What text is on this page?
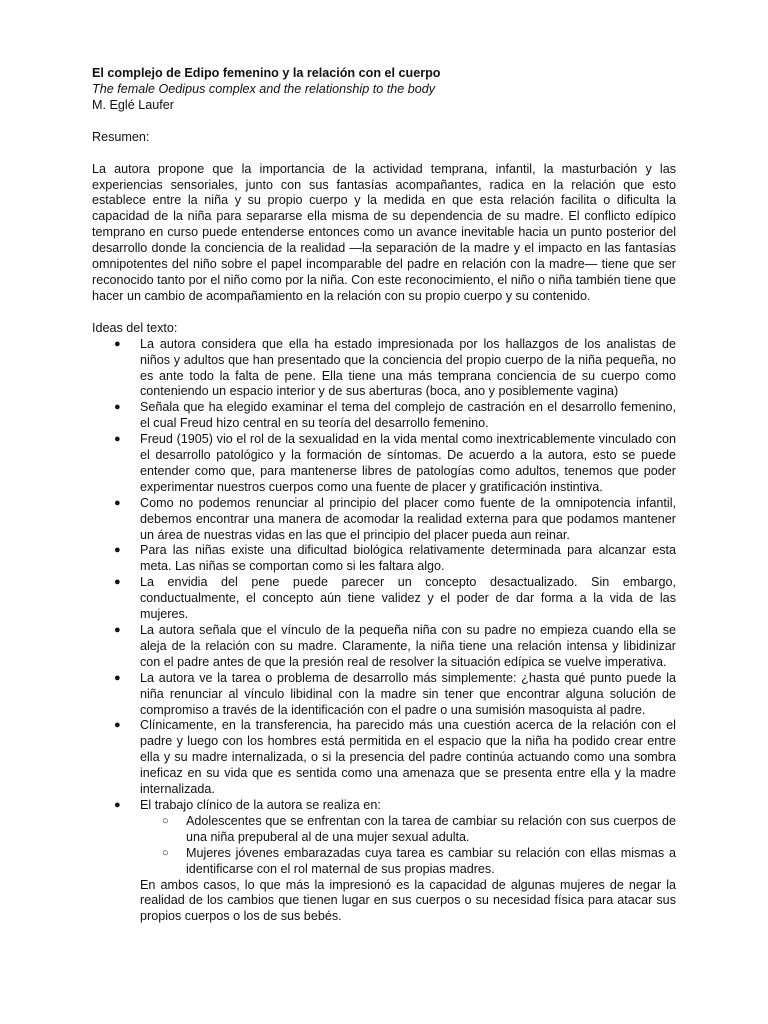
El complejo de Edipo femenino y la relación con el cuerpo

The female Oedipus complex and the relationship to the body

M. Eglé Laufer

Resumen:

La autora propone que la importancia de la actividad temprana, infantil, la masturbación y las experiencias sensoriales, junto con sus fantasías acompañantes, radica en la relación que esto establece entre la niña y su propio cuerpo y la medida en que esta relación facilita o dificulta la capacidad de la niña para separarse ella misma de su dependencia de su madre. El conflicto edípico temprano en curso puede entenderse entonces como un avance inevitable hacia un punto posterior del desarrollo donde la conciencia de la realidad —la separación de la madre y el impacto en las fantasías omnipotentes del niño sobre el papel incomparable del padre en relación con la madre— tiene que ser reconocido tanto por el niño como por la niña. Con este reconocimiento, el niño o niña también tiene que hacer un cambio de acompañamiento en la relación con su propio cuerpo y su contenido.

Ideas del texto:

● La autora considera que ella ha estado impresionada por los hallazgos de los analistas de niños y adultos que han presentado que la conciencia del propio cuerpo de la niña pequeña, no es ante todo la falta de pene. Ella tiene una más temprana conciencia de su cuerpo como conteniendo un espacio interior y de sus aberturas (boca, ano y posiblemente vagina)
● Señala que ha elegido examinar el tema del complejo de castración en el desarrollo femenino, el cual Freud hizo central en su teoría del desarrollo femenino.
● Freud (1905) vio el rol de la sexualidad en la vida mental como inextricablemente vinculado con el desarrollo patológico y la formación de síntomas. De acuerdo a la autora, esto se puede entender como que, para mantenerse libres de patologías como adultos, tenemos que poder experimentar nuestros cuerpos como una fuente de placer y gratificación instintiva.
● Como no podemos renunciar al principio del placer como fuente de la omnipotencia infantil, debemos encontrar una manera de acomodar la realidad externa para que podamos mantener un área de nuestras vidas en las que el principio del placer pueda aun reinar.
● Para las niñas existe una dificultad biológica relativamente determinada para alcanzar esta meta. Las niñas se comportan como si les faltara algo.
● La envidia del pene puede parecer un concepto desactualizado. Sin embargo, conductualmente, el concepto aún tiene validez y el poder de dar forma a la vida de las mujeres.
● La autora señala que el vínculo de la pequeña niña con su padre no empieza cuando ella se aleja de la relación con su madre. Claramente, la niña tiene una relación intensa y libidinizar con el padre antes de que la presión real de resolver la situación edípica se vuelve imperativa.
● La autora ve la tarea o problema de desarrollo más simplemente: ¿hasta qué punto puede la niña renunciar al vínculo libidinal con la madre sin tener que encontrar alguna solución de compromiso a través de la identificación con el padre o una sumisión masoquista al padre.
● Clínicamente, en la transferencia, ha parecido más una cuestión acerca de la relación con el padre y luego con los hombres está permitida en el espacio que la niña ha podido crear entre ella y su madre internalizada, o si la presencia del padre continúa actuando como una sombra ineficaz en su vida que es sentida como una amenaza que se presenta entre ella y la madre internalizada.
● El trabajo clínico de la autora se realiza en:
○ Adolescentes que se enfrentan con la tarea de cambiar su relación con sus cuerpos de una niña prepuberal al de una mujer sexual adulta.
○ Mujeres jóvenes embarazadas cuya tarea es cambiar su relación con ellas mismas a identificarse con el rol maternal de sus propias madres.

En ambos casos, lo que más la impresionó es la capacidad de algunas mujeres de negar la realidad de los cambios que tienen lugar en sus cuerpos o su necesidad física para atacar sus propios cuerpos o los de sus bebés.
